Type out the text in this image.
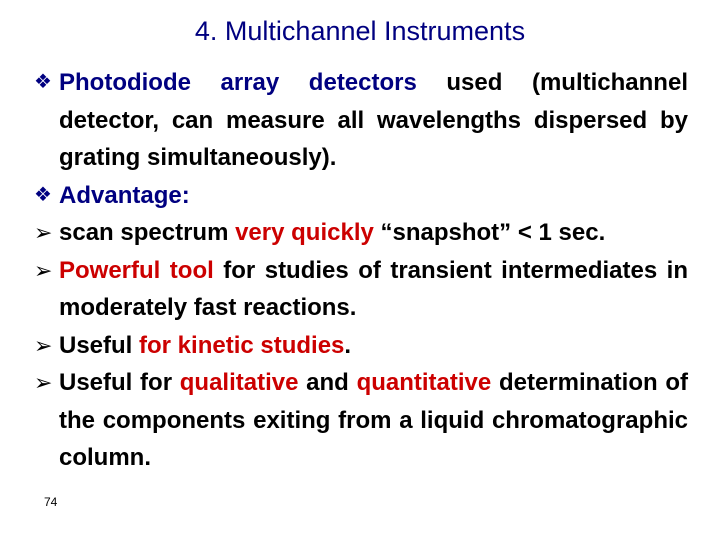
4. Multichannel Instruments
❖ Photodiode array detectors used (multichannel detector, can measure all wavelengths dispersed by grating simultaneously).
❖ Advantage:
➢ scan spectrum very quickly “snapshot” < 1 sec.
➢ Powerful tool for studies of transient intermediates in moderately fast reactions.
➢ Useful for kinetic studies.
➢ Useful for qualitative and quantitative determination of the components exiting from a liquid chromatographic column.
74
